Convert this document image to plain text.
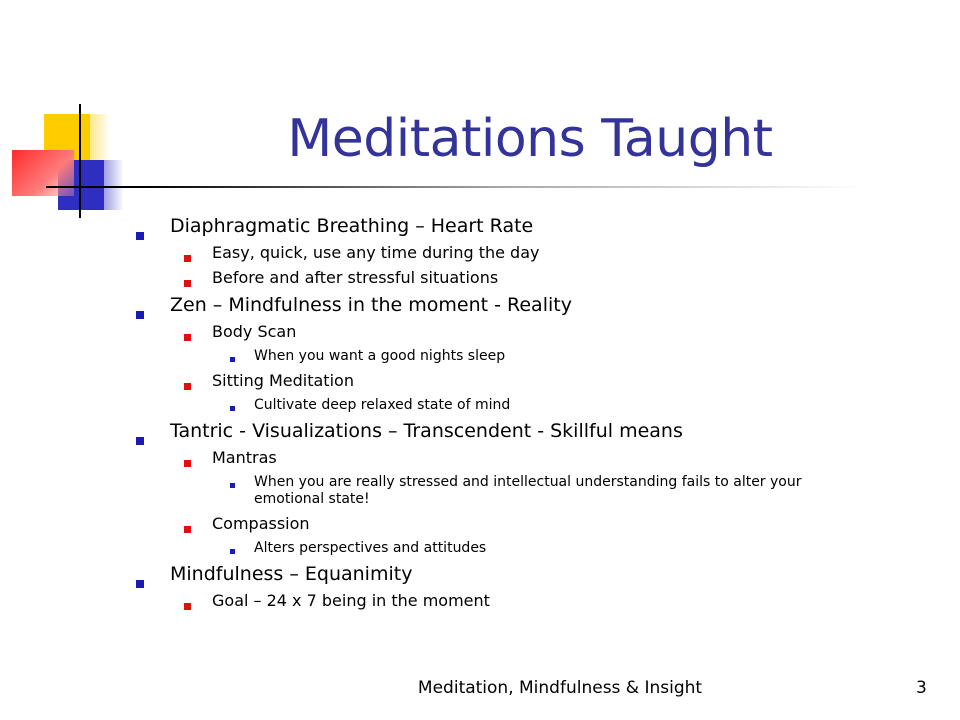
Meditations Taught
Diaphragmatic Breathing – Heart Rate
Easy, quick, use any time during the day
Before and after stressful situations
Zen – Mindfulness in the moment - Reality
Body Scan
When you want a good nights sleep
Sitting Meditation
Cultivate deep relaxed state of mind
Tantric - Visualizations – Transcendent - Skillful means
Mantras
When you are really stressed and intellectual understanding fails to alter your
emotional state!
Compassion
Alters perspectives and attitudes
Mindfulness – Equanimity
Goal – 24 x 7 being in the moment
Meditation, Mindfulness & Insight	3
